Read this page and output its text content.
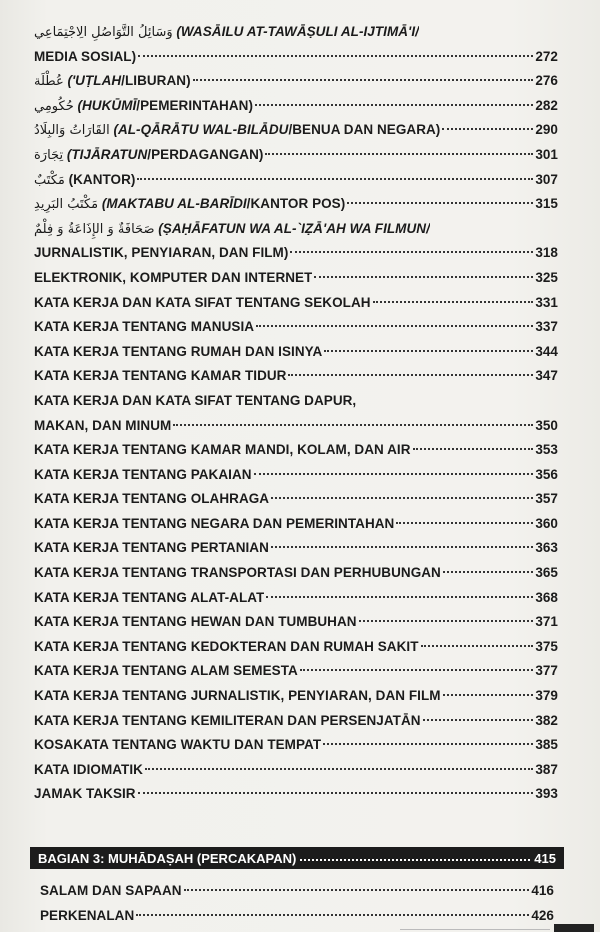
وَسَائِلُ التَّوَاصُلِ الِاجْتِمَاعِي (WASĀILU AT-TAWĀṢULI AL-IJTIMĀ'I/
MEDIA SOSIAL)	272
عُطْلَة ('UṬLAH/LIBURAN)	276
حُكُومِي (HUKŪMĪ/PEMERINTAHAN)	282
القَارَاتُ وَالبِلَادُ (AL-QĀRĀTU WAL-BILĀDU/BENUA DAN NEGARA)	290
تِجَارَة (TIJĀRATUN/PERDAGANGAN)	301
مَكْتَبٌ (KANTOR)	307
مَكْتَبُ البَرِيدِ (MAKTABU AL-BARĪDI/KANTOR POS)	315
صَحَافَةٌ وَ الإِذَاعَةُ وَ فِلْمٌ (ṢAḤĀFATUN WA AL-`IẒĀ'AH WA FILMUN/
JURNALISTIK, PENYIARAN, DAN FILM)	318
ELEKTRONIK, KOMPUTER DAN INTERNET	325
KATA KERJA DAN KATA SIFAT TENTANG SEKOLAH	331
KATA KERJA TENTANG MANUSIA	337
KATA KERJA TENTANG RUMAH DAN ISINYA	344
KATA KERJA TENTANG KAMAR TIDUR	347
KATA KERJA DAN KATA SIFAT TENTANG DAPUR,
MAKAN, DAN MINUM	350
KATA KERJA TENTANG KAMAR MANDI, KOLAM, DAN AIR	353
KATA KERJA TENTANG PAKAIAN	356
KATA KERJA TENTANG OLAHRAGA	357
KATA KERJA TENTANG NEGARA DAN PEMERINTAHAN	360
KATA KERJA TENTANG PERTANIAN	363
KATA KERJA TENTANG TRANSPORTASI DAN PERHUBUNGAN	365
KATA KERJA TENTANG ALAT-ALAT	368
KATA KERJA TENTANG HEWAN DAN TUMBUHAN	371
KATA KERJA TENTANG KEDOKTERAN DAN RUMAH SAKIT	375
KATA KERJA TENTANG ALAM SEMESTA	377
KATA KERJA TENTANG JURNALISTIK, PENYIARAN, DAN FILM	379
KATA KERJA TENTANG KEMILITERAN DAN PERSENJATĀN	382
KOSAKATA TENTANG WAKTU DAN TEMPAT	385
KATA IDIOMATIK	387
JAMAK TAKSIR	393
BAGIAN 3: MUHĀDAṢAH (PERCAKAPAN)	415
SALAM DAN SAPAAN	416
PERKENALAN	426
